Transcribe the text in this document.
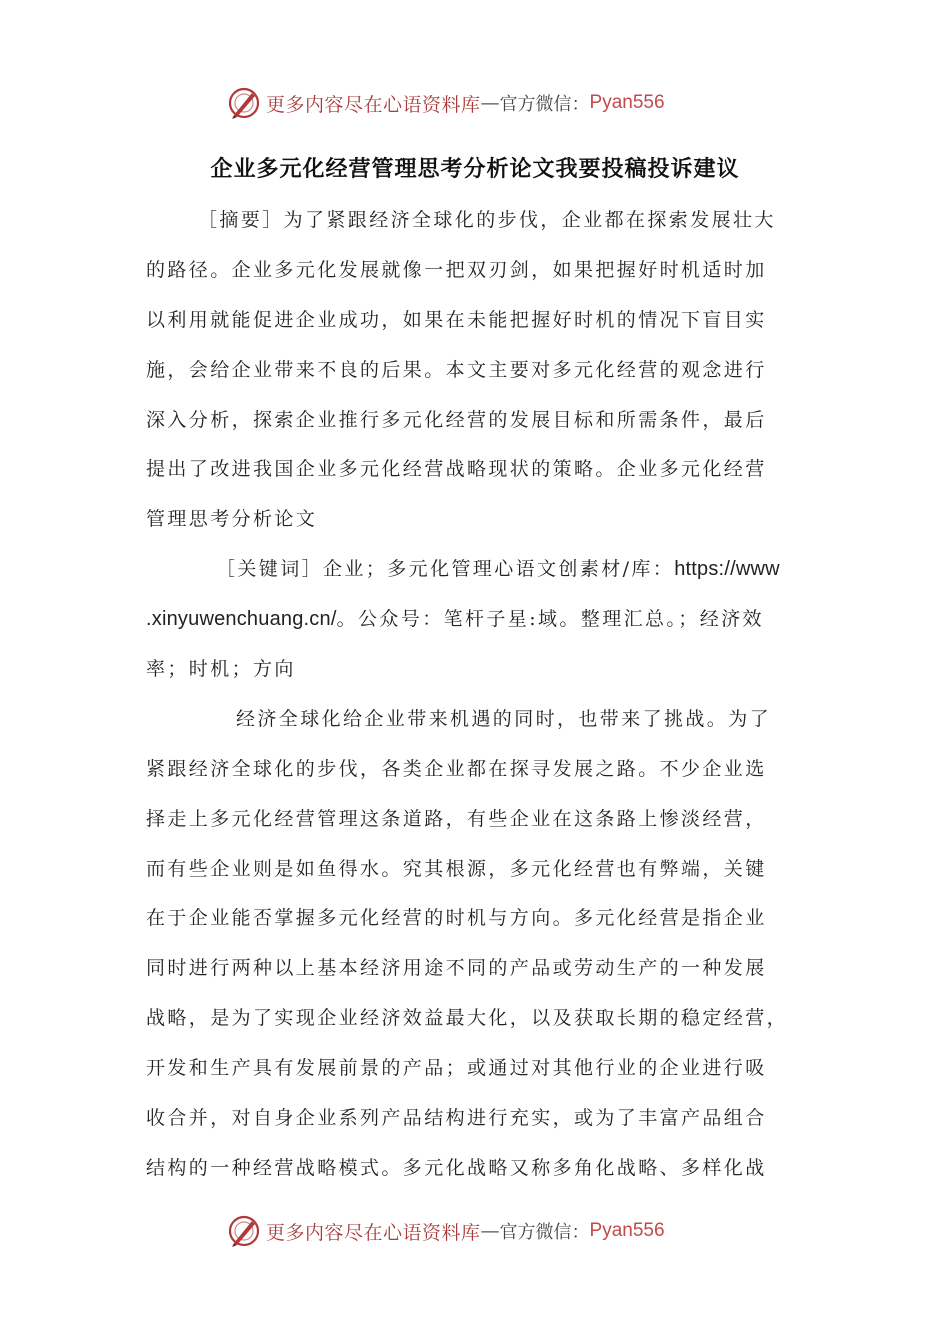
更多内容尽在心语资料库 — 官方微信： Pyan556
企业多元化经营管理思考分析论文我要投稿投诉建议
［摘要］为了紧跟经济全球化的步伐，企业都在探索发展壮大
的路径。企业多元化发展就像一把双刃剑，如果把握好时机适时加
以利用就能促进企业成功，如果在未能把握好时机的情况下盲目实
施，会给企业带来不良的后果。本文主要对多元化经营的观念进行
深入分析，探索企业推行多元化经营的发展目标和所需条件，最后
提出了改进我国企业多元化经营战略现状的策略。企业多元化经营
管理思考分析论文
［关键词］企业；多元化管理心语文创素材/库：https://www
.xinyuwenchuang.cn/。公众号：笔杆子星:域。整理汇总。；经济效
率；时机；方向
经济全球化给企业带来机遇的同时，也带来了挑战。为了
紧跟经济全球化的步伐，各类企业都在探寻发展之路。不少企业选
择走上多元化经营管理这条道路，有些企业在这条路上惨淡经营，
而有些企业则是如鱼得水。究其根源，多元化经营也有弊端，关键
在于企业能否掌握多元化经营的时机与方向。多元化经营是指企业
同时进行两种以上基本经济用途不同的产品或劳动生产的一种发展
战略，是为了实现企业经济效益最大化，以及获取长期的稳定经营，
开发和生产具有发展前景的产品；或通过对其他行业的企业进行吸
收合并，对自身企业系列产品结构进行充实，或为了丰富产品组合
结构的一种经营战略模式。多元化战略又称多角化战略、多样化战
更多内容尽在心语资料库 — 官方微信： Pyan556
